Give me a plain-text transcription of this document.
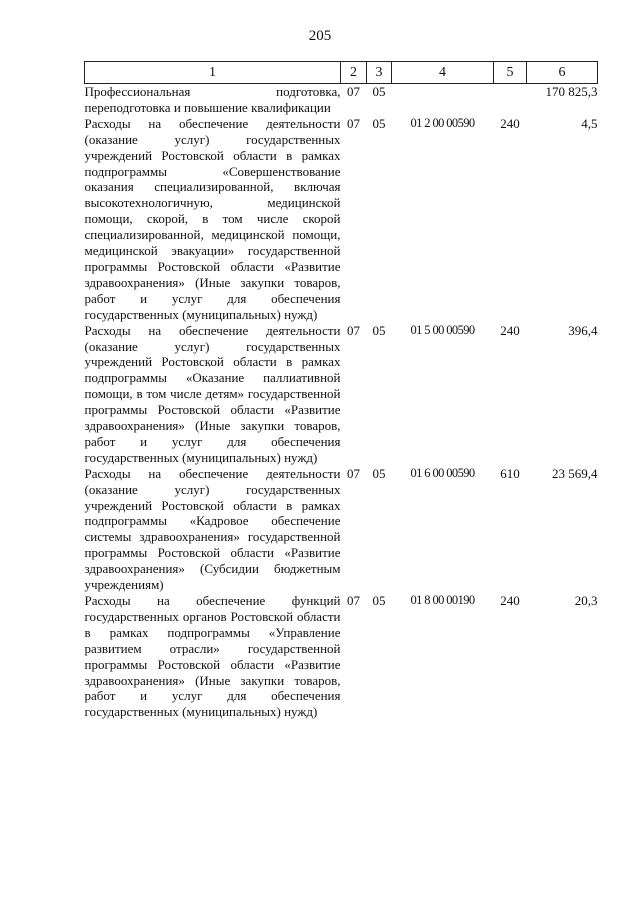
205
1	2	3	4	5	6
Профессиональная подготовка, переподготовка и повышение квалификации	07	05			170 825,3
Расходы на обеспечение деятельности (оказание услуг) государственных учреждений Ростовской области в рамках подпрограммы «Совершенствование оказания специализированной, включая высокотехнологичную, медицинской помощи, скорой, в том числе скорой специализированной, медицинской помощи, медицинской эвакуации» государственной программы Ростовской области «Развитие здравоохранения» (Иные закупки товаров, работ и услуг для обеспечения государственных (муниципальных) нужд)	07	05	01 2 00 00590	240	4,5
Расходы на обеспечение деятельности (оказание услуг) государственных учреждений Ростовской области в рамках подпрограммы «Оказание паллиативной помощи, в том числе детям» государственной программы Ростовской области «Развитие здравоохранения» (Иные закупки товаров, работ и услуг для обеспечения государственных (муниципальных) нужд)	07	05	01 5 00 00590	240	396,4
Расходы на обеспечение деятельности (оказание услуг) государственных учреждений Ростовской области в рамках подпрограммы «Кадровое обеспечение системы здравоохранения» государственной программы Ростовской области «Развитие здравоохранения» (Субсидии бюджетным учреждениям)	07	05	01 6 00 00590	610	23 569,4
Расходы на обеспечение функций государственных органов Ростовской области в рамках подпрограммы «Управление развитием отрасли» государственной программы Ростовской области «Развитие здравоохранения» (Иные закупки товаров, работ и услуг для обеспечения государственных (муниципальных) нужд)	07	05	01 8 00 00190	240	20,3
